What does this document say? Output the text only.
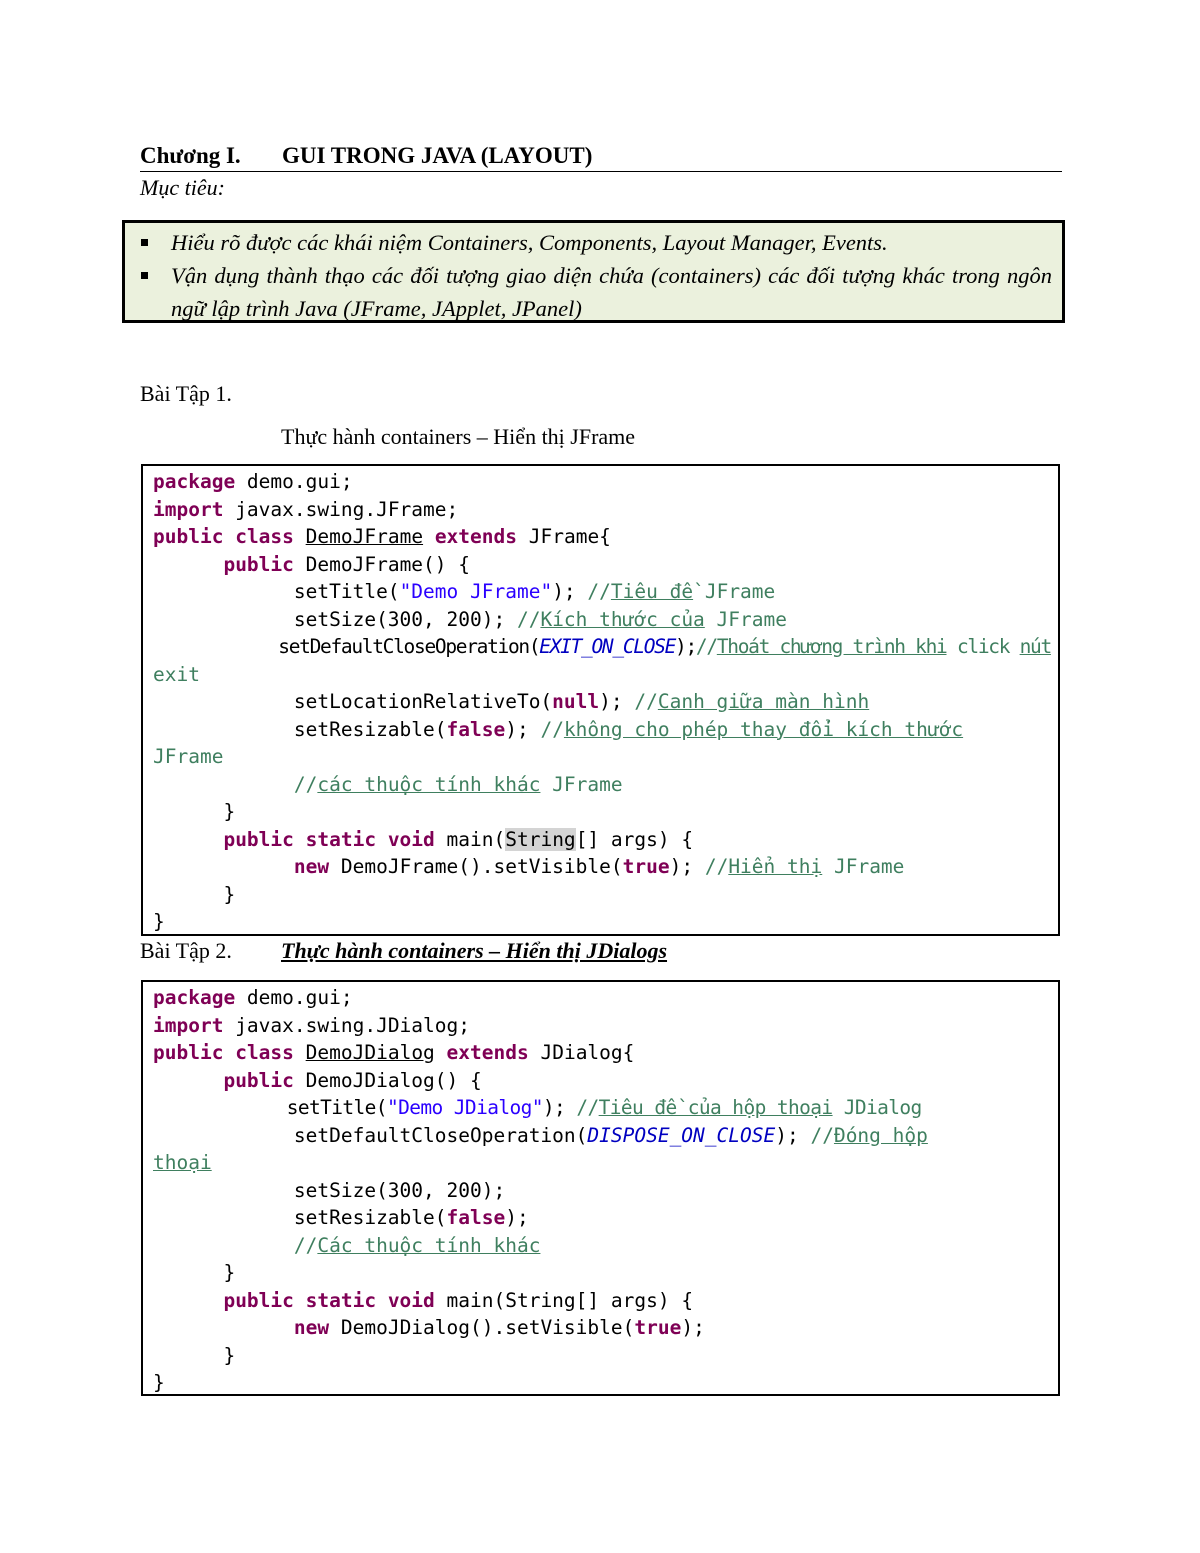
Chương I. GUI TRONG JAVA (LAYOUT)
Mục tiêu:
Hiểu rõ được các khái niệm Containers, Components, Layout Manager, Events.
Vận dụng thành thạo các đối tượng giao diện chứa (containers) các đối tượng khác trong ngôn ngữ lập trình Java (JFrame, JApplet, JPanel)
Bài Tập 1.
Thực hành containers – Hiển thị JFrame
package demo.gui;
import javax.swing.JFrame;
public class DemoJFrame extends JFrame{
public DemoJFrame() {
setTitle("Demo JFrame"); //Tiêu đề JFrame
setSize(300, 200); //Kích thước của JFrame
setDefaultCloseOperation(EXIT_ON_CLOSE);//Thoát chương trình khi click nút
exit
setLocationRelativeTo(null); //Canh giữa màn hình
setResizable(false); //không cho phép thay đổi kích thước
JFrame
//các thuộc tính khác JFrame
}
public static void main(String[] args) {
new DemoJFrame().setVisible(true); //Hiển thị JFrame
}
}
Bài Tập 2. Thực hành containers – Hiển thị JDialogs
package demo.gui;
import javax.swing.JDialog;
public class DemoJDialog extends JDialog{
public DemoJDialog() {
setTitle("Demo JDialog"); //Tiêu đề của hộp thoại JDialog
setDefaultCloseOperation(DISPOSE_ON_CLOSE); //Đóng hộp
thoại
setSize(300, 200);
setResizable(false);
//Các thuộc tính khác
}
public static void main(String[] args) {
new DemoJDialog().setVisible(true);
}
}
